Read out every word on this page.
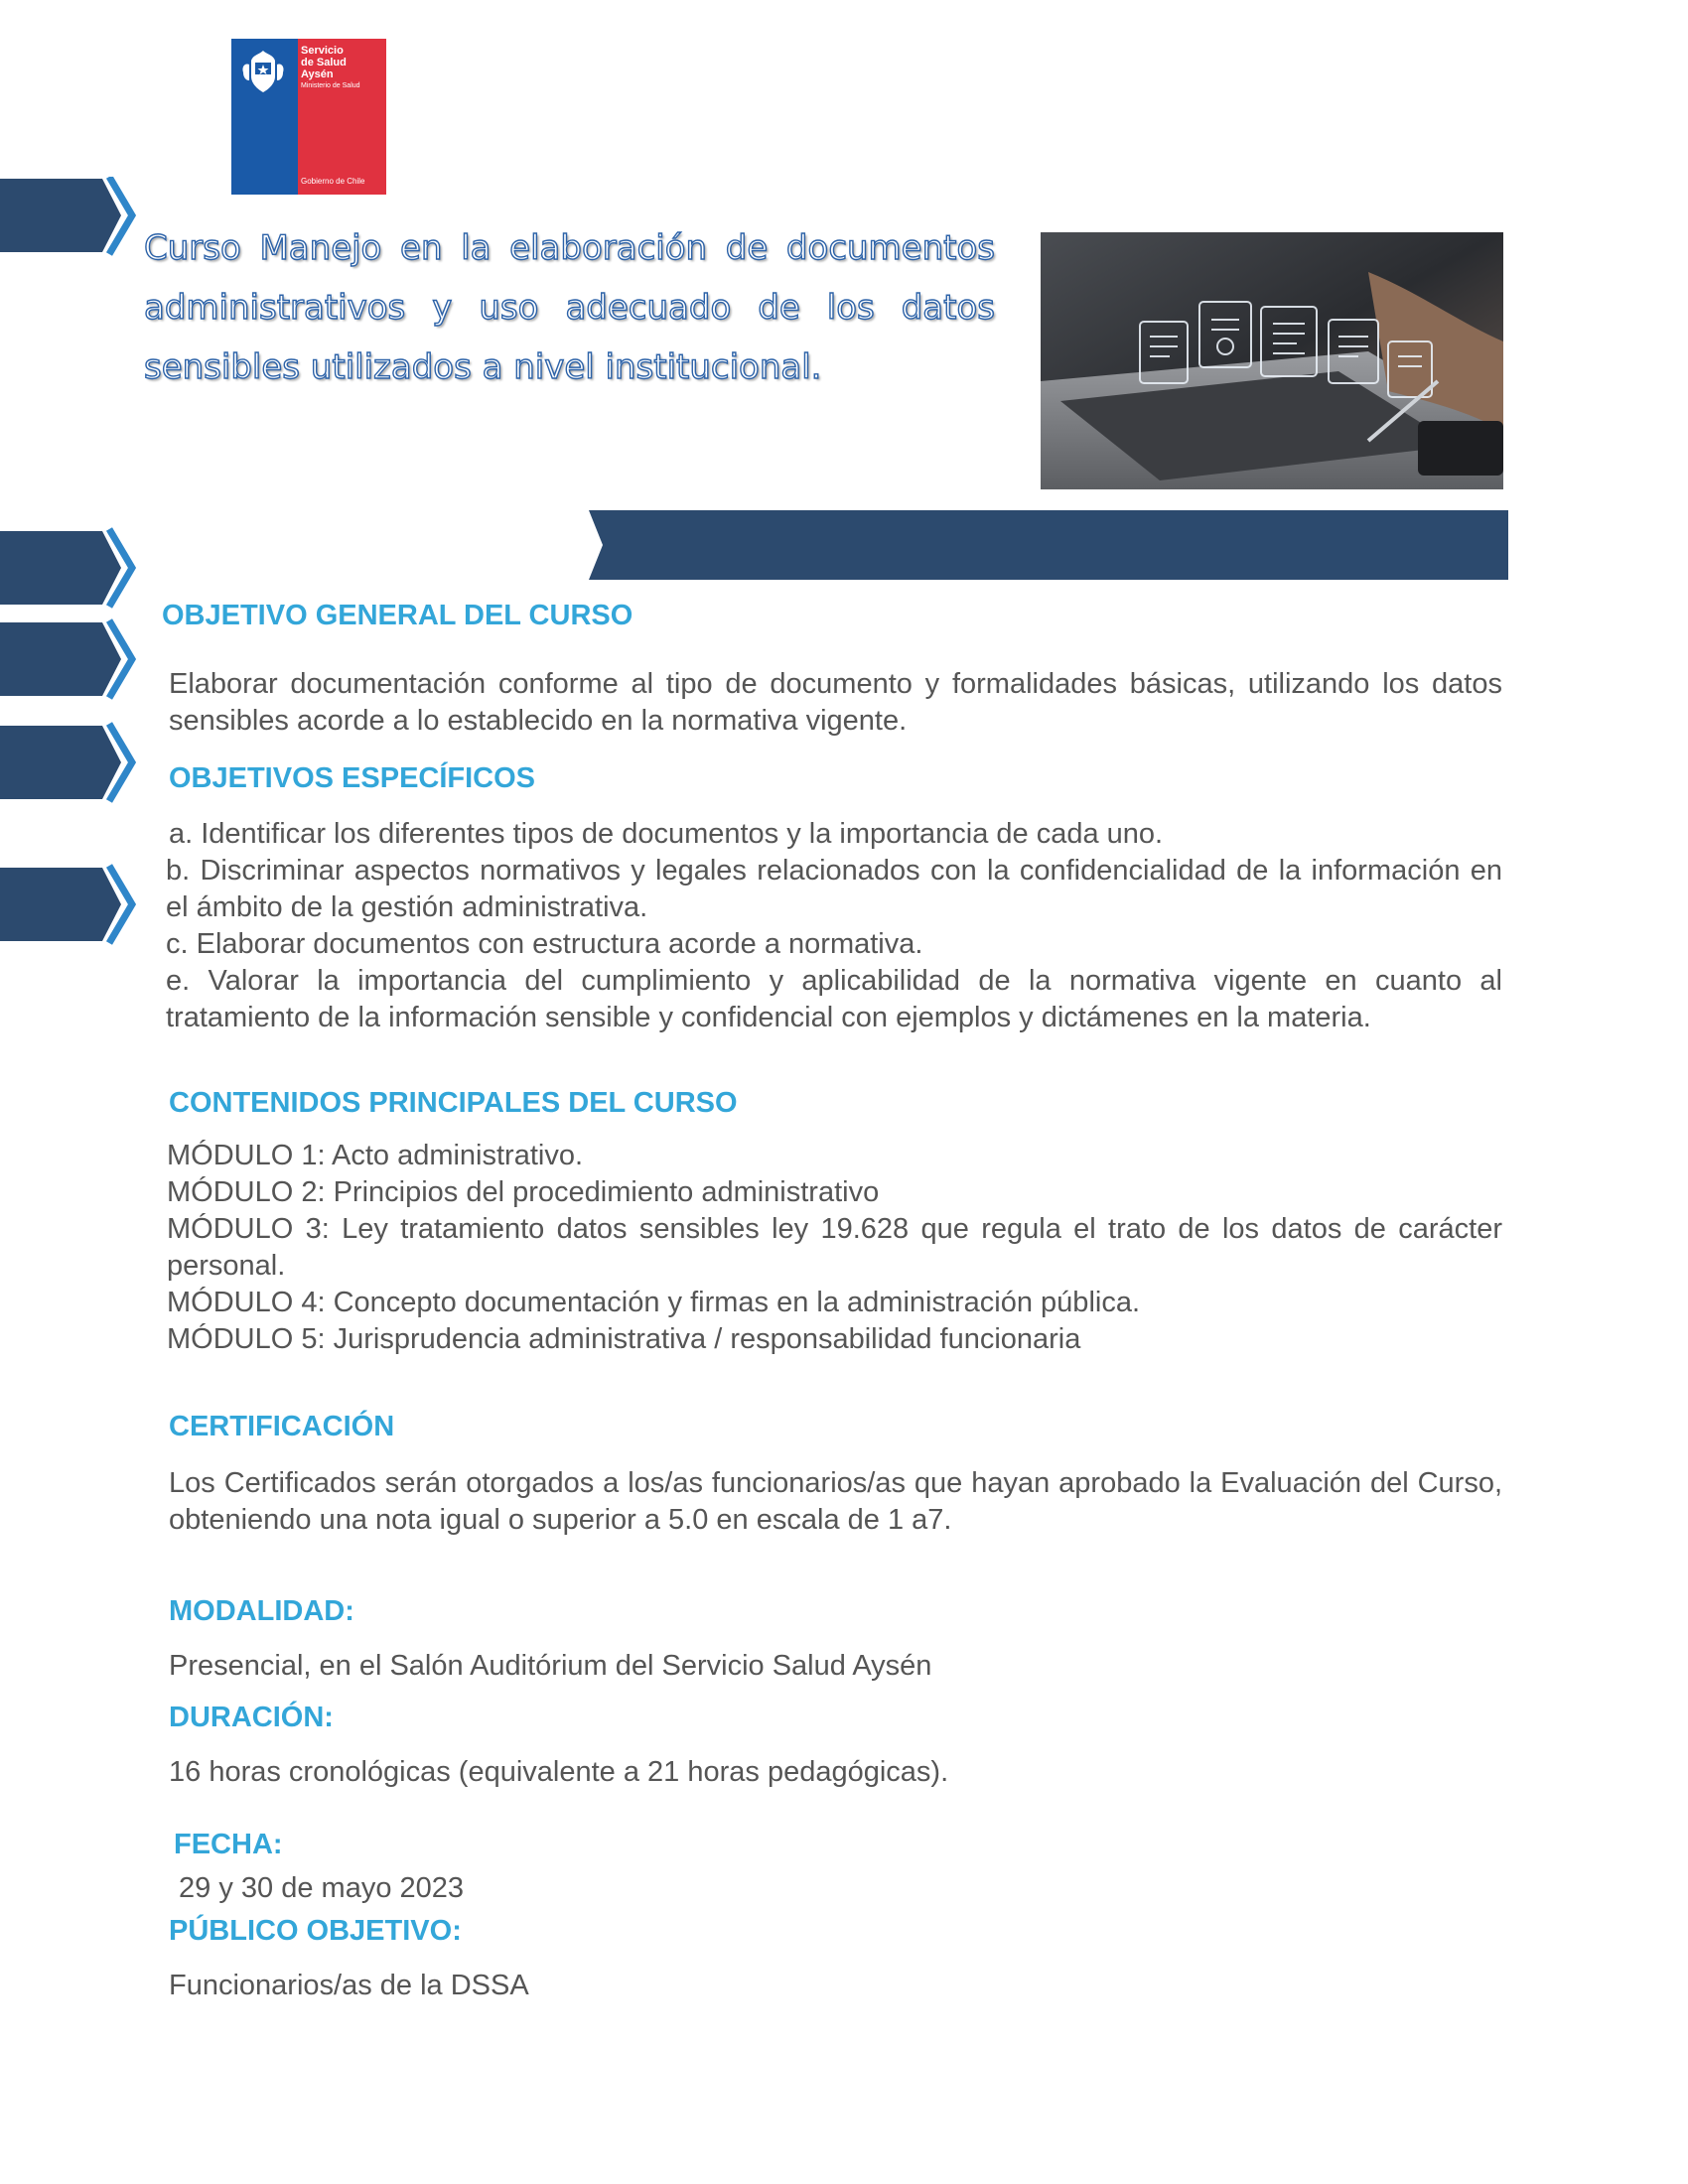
Servicio
de Salud
Aysén
Ministerio de Salud
Gobierno de Chile
Curso Manejo en la elaboración de documentos administrativos y uso adecuado de los datos sensibles utilizados a nivel institucional.
OBJETIVO GENERAL DEL CURSO
Elaborar documentación conforme al tipo de documento y formalidades básicas, utilizando los datos sensibles acorde a lo establecido en la normativa vigente.
OBJETIVOS ESPECÍFICOS
a. Identificar los diferentes tipos de documentos y la importancia de cada uno.
b. Discriminar aspectos normativos y legales relacionados con la confidencialidad de la información en el ámbito de la gestión administrativa.
c. Elaborar documentos con estructura acorde a normativa.
e. Valorar la importancia del cumplimiento y aplicabilidad de la normativa vigente en cuanto al tratamiento de la información sensible y confidencial con ejemplos y dictámenes en la materia.
CONTENIDOS PRINCIPALES DEL CURSO
MÓDULO 1: Acto administrativo.
MÓDULO 2: Principios del procedimiento administrativo
MÓDULO 3: Ley tratamiento datos sensibles ley 19.628 que regula el trato de los datos de carácter personal.
MÓDULO 4: Concepto documentación y firmas en la administración pública.
MÓDULO 5: Jurisprudencia administrativa / responsabilidad funcionaria
CERTIFICACIÓN
Los Certificados serán otorgados a los/as funcionarios/as que hayan aprobado la Evaluación del Curso, obteniendo una nota igual o superior a 5.0 en escala de 1 a7.
MODALIDAD:
Presencial, en el Salón Auditórium del Servicio Salud Aysén
DURACIÓN:
16 horas cronológicas (equivalente a 21 horas pedagógicas).
FECHA:
29 y 30 de mayo 2023
PÚBLICO OBJETIVO:
Funcionarios/as de la DSSA
